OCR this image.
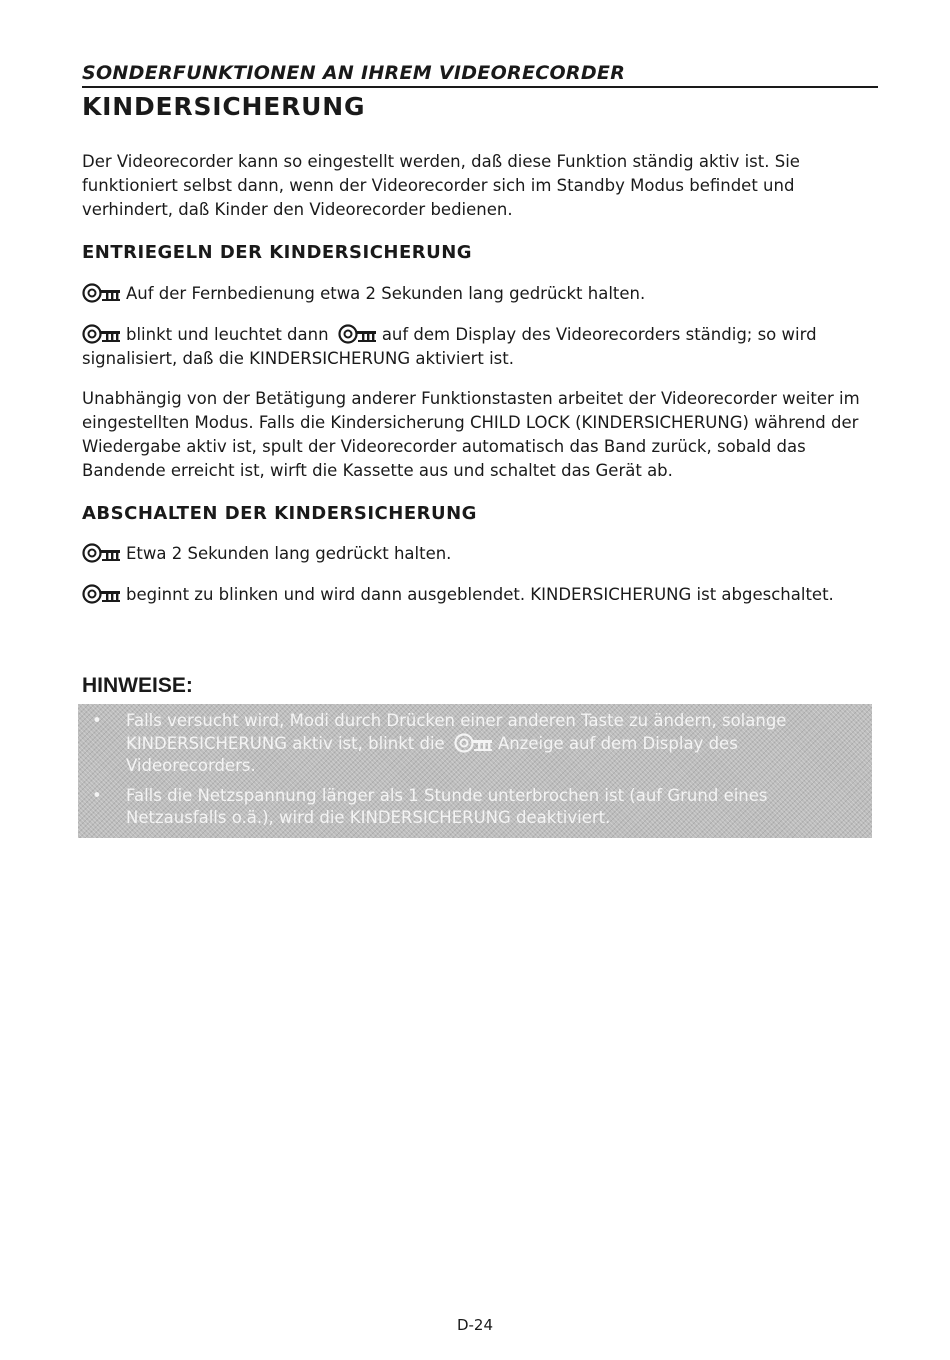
SONDERFUNKTIONEN AN IHREM VIDEORECORDER
KINDERSICHERUNG

Der Videorecorder kann so eingestellt werden, daß diese Funktion ständig aktiv ist. Sie funktioniert selbst dann, wenn der Videorecorder sich im Standby Modus befindet und verhindert, daß Kinder den Videorecorder bedienen.

ENTRIEGELN DER KINDERSICHERUNG

Auf der Fernbedienung etwa 2 Sekunden lang gedrückt halten.

blinkt und leuchtet dann	auf dem Display des Videorecorders ständig; so wird signalisiert, daß die KINDERSICHERUNG aktiviert ist.

Unabhängig von der Betätigung anderer Funktionstasten arbeitet der Videorecorder weiter im eingestellten Modus. Falls die Kindersicherung CHILD LOCK (KINDERSICHERUNG) während der Wiedergabe aktiv ist, spult der Videorecorder automatisch das Band zurück, sobald das Bandende erreicht ist, wirft die Kassette aus und schaltet das Gerät ab.

ABSCHALTEN DER KINDERSICHERUNG

Etwa 2 Sekunden lang gedrückt halten.

beginnt zu blinken und wird dann ausgeblendet. KINDERSICHERUNG ist abgeschaltet.

HINWEISE:
• Falls versucht wird, Modi durch Drücken einer anderen Taste zu ändern, solange KINDERSICHERUNG aktiv ist, blinkt die	Anzeige auf dem Display des Videorecorders.
• Falls die Netzspannung länger als 1 Stunde unterbrochen ist (auf Grund eines Netzausfalls o.ä.), wird die KINDERSICHERUNG deaktiviert.
D-24
